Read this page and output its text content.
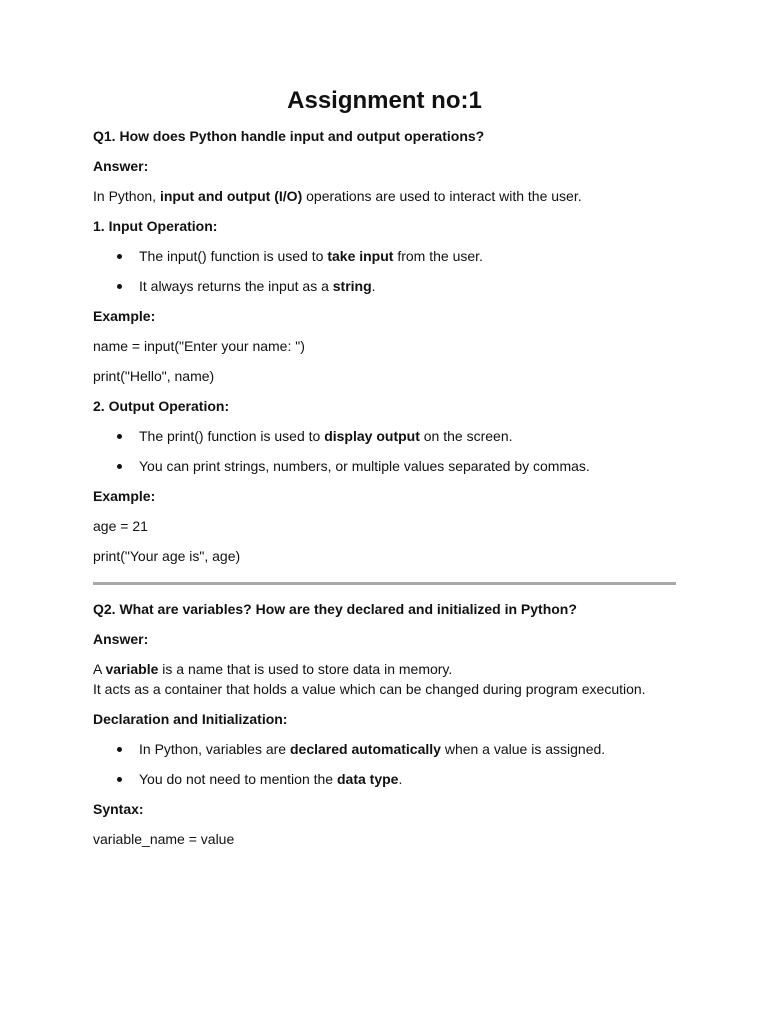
Assignment no:1

Q1. How does Python handle input and output operations?

Answer:

In Python, input and output (I/O) operations are used to interact with the user.

1. Input Operation:

The input() function is used to take input from the user.
It always returns the input as a string.

Example:

name = input("Enter your name: ")

print("Hello", name)

2. Output Operation:

The print() function is used to display output on the screen.
You can print strings, numbers, or multiple values separated by commas.

Example:

age = 21

print("Your age is", age)

Q2. What are variables? How are they declared and initialized in Python?

Answer:

A variable is a name that is used to store data in memory.
It acts as a container that holds a value which can be changed during program execution.

Declaration and Initialization:

In Python, variables are declared automatically when a value is assigned.
You do not need to mention the data type.

Syntax:

variable_name = value
